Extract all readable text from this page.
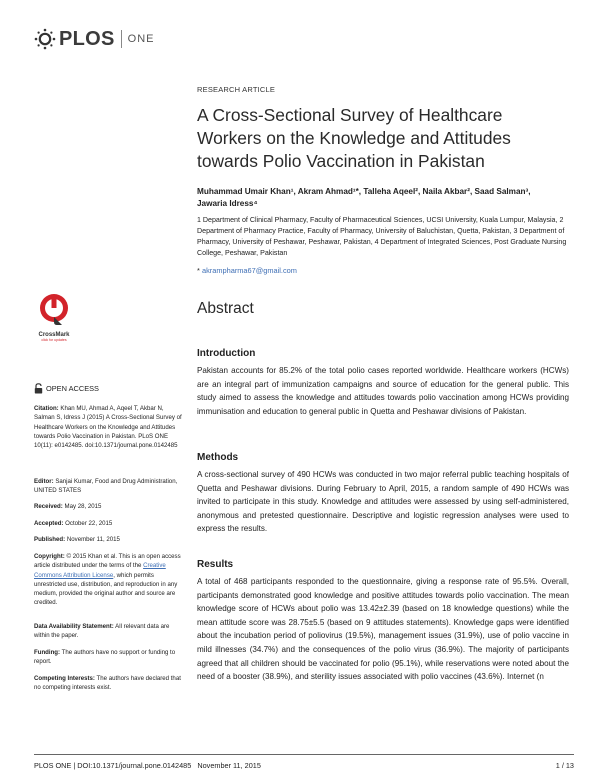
PLOS ONE
RESEARCH ARTICLE
A Cross-Sectional Survey of Healthcare Workers on the Knowledge and Attitudes towards Polio Vaccination in Pakistan
Muhammad Umair Khan¹, Akram Ahmad¹*, Talleha Aqeel², Naila Akbar², Saad Salman³,
Jawaria Idress⁴
1 Department of Clinical Pharmacy, Faculty of Pharmaceutical Sciences, UCSI University, Kuala Lumpur, Malaysia, 2 Department of Pharmacy Practice, Faculty of Pharmacy, University of Baluchistan, Quetta, Pakistan, 3 Department of Pharmacy, University of Peshawar, Peshawar, Pakistan, 4 Department of Integrated Sciences, Post Graduate Nursing College, Peshawar, Pakistan
* akrampharma67@gmail.com
Abstract
Introduction

Pakistan accounts for 85.2% of the total polio cases reported worldwide. Healthcare workers (HCWs) are an integral part of immunization campaigns and source of education for the general public. This study aimed to assess the knowledge and attitudes towards polio vaccination among HCWs providing immunisation and education to general public in Quetta and Peshawar divisions of Pakistan.

Methods

A cross-sectional survey of 490 HCWs was conducted in two major referral public teaching hospitals of Quetta and Peshawar divisions. During February to April, 2015, a random sample of 490 HCWs was invited to participate in this study. Knowledge and attitudes were assessed by using self-administered, anonymous and pretested questionnaire. Descriptive and logistic regression analyses were used to express the results.

Results

A total of 468 participants responded to the questionnaire, giving a response rate of 95.5%. Overall, participants demonstrated good knowledge and positive attitudes towards polio vaccination. The mean knowledge score of HCWs about polio was 13.42±2.39 (based on 18 knowledge questions) while the mean attitude score was 28.75±5.5 (based on 9 attitudes statements). Knowledge gaps were identified about the incubation period of poliovirus (19.5%), management issues (31.9%), use of polio vaccine in mild illnesses (34.7%) and the consequences of the polio virus (36.9%). The majority of participants agreed that all children should be vaccinated for polio (95.1%), while reservations were noted about the need of a booster (38.9%), and sterility issues associated with polio vaccines (43.6%). Internet (n

CrossMark
click for updates
OPEN ACCESS
Citation: Khan MU, Ahmad A, Aqeel T, Akbar N, Salman S, Idress J (2015) A Cross-Sectional Survey of Healthcare Workers on the Knowledge and Attitudes towards Polio Vaccination in Pakistan. PLoS ONE 10(11): e0142485. doi:10.1371/journal.pone.0142485
Editor: Sanjai Kumar, Food and Drug Administration, UNITED STATES
Received: May 28, 2015
Accepted: October 22, 2015
Published: November 11, 2015
Copyright: © 2015 Khan et al. This is an open access article distributed under the terms of the Creative Commons Attribution License, which permits unrestricted use, distribution, and reproduction in any medium, provided the original author and source are credited.
Data Availability Statement: All relevant data are within the paper.
Funding: The authors have no support or funding to report.
Competing Interests: The authors have declared that no competing interests exist.
PLOS ONE | DOI:10.1371/journal.pone.0142485   November 11, 2015	1 / 13
